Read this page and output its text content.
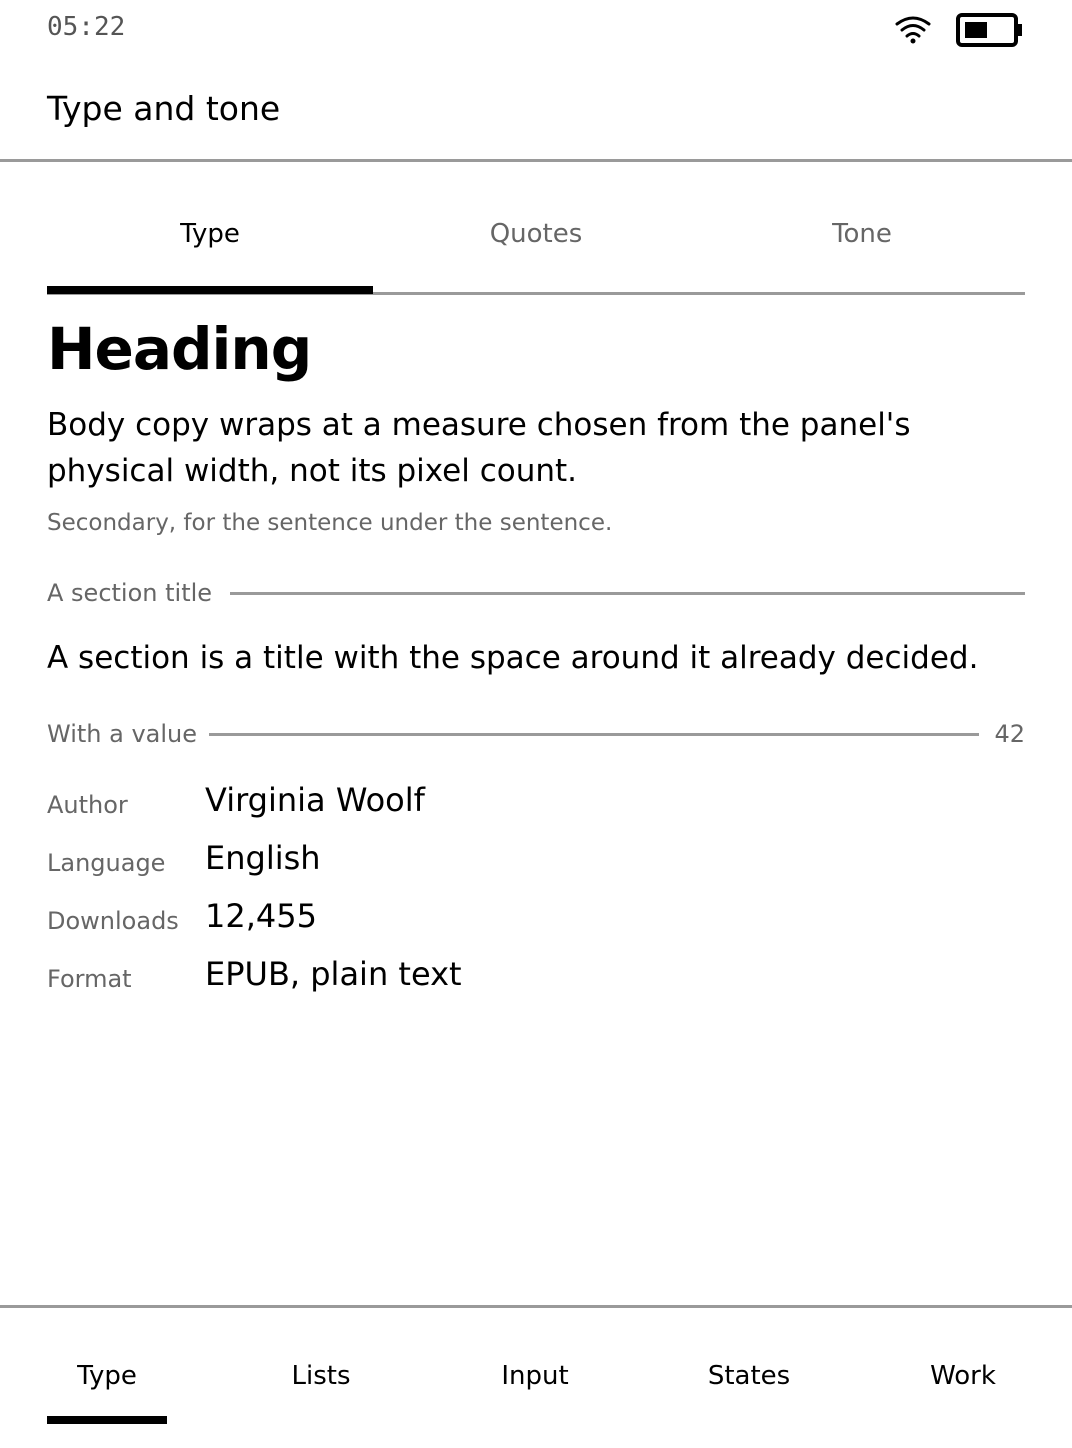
05:22
Type and tone
Type	Quotes	Tone
Heading

Body copy wraps at a measure chosen from the panel's physical width, not its pixel count.

Secondary, for the sentence under the sentence.

A section title

A section is a title with the space around it already decided.

With a value	42
Author Virginia Woolf
Language English
Downloads 12,455
Format EPUB, plain text
Type	Lists	Input	States	Work
